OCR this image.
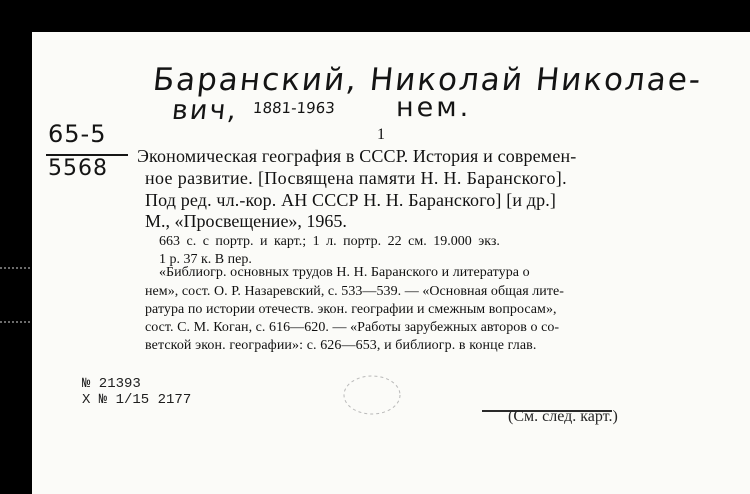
Баранский, Николай Николае-
вич, 1881-1963 нем.
65-5
5568
1
Экономическая география в СССР. История и современ-
ное развитие. [Посвящена памяти Н. Н. Баранского].
Под ред. чл.-кор. АН СССР Н. Н. Баранского] [и др.]
М., «Просвещение», 1965.
663 с. с портр. и карт.; 1 л. портр. 22 см. 19.000 экз.
1 р. 37 к. В пер.
«Библиогр. основных трудов Н. Н. Баранского и литература о
нем», сост. О. Р. Назаревский, с. 533—539. — «Основная общая лите-
ратура по истории отечеств. экон. географии и смежным вопросам»,
сост. С. М. Коган, с. 616—620. — «Работы зарубежных авторов о со-
ветской экон. географии»: с. 626—653, и библиогр. в конце глав.
№ 21393
Х № 1/15 2177
(См. след. карт.)
